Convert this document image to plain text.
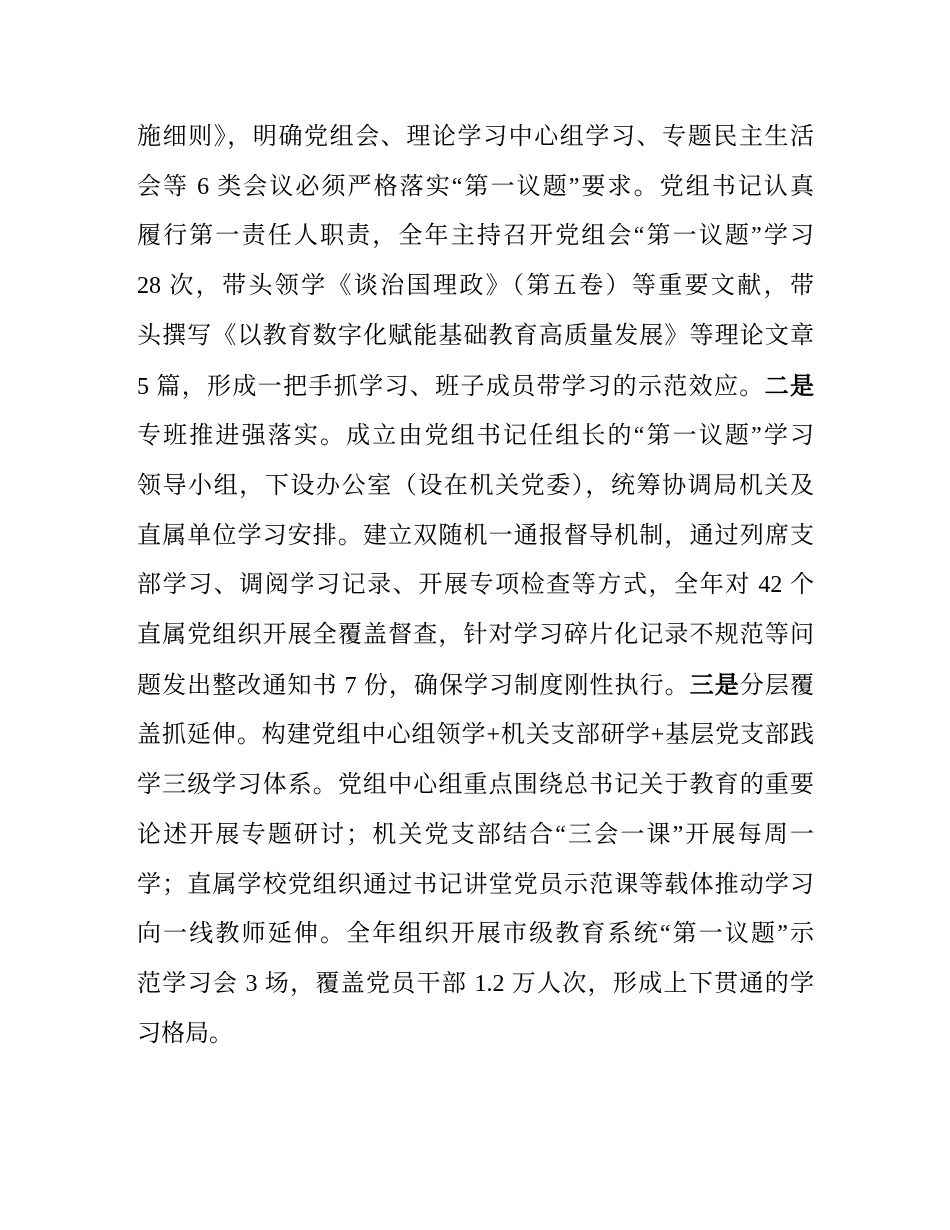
施细则》，明确党组会、理论学习中心组学习、专题民主生活
会等 6 类会议必须严格落实“第一议题”要求。党组书记认真
履行第一责任人职责，全年主持召开党组会“第一议题”学习
28 次，带头领学《谈治国理政》（第五卷）等重要文献，带
头撰写《以教育数字化赋能基础教育高质量发展》等理论文章
5 篇，形成一把手抓学习、班子成员带学习的示范效应。二是
专班推进强落实。成立由党组书记任组长的“第一议题”学习
领导小组，下设办公室（设在机关党委），统筹协调局机关及
直属单位学习安排。建立双随机一通报督导机制，通过列席支
部学习、调阅学习记录、开展专项检查等方式，全年对 42 个
直属党组织开展全覆盖督查，针对学习碎片化记录不规范等问
题发出整改通知书 7 份，确保学习制度刚性执行。三是分层覆
盖抓延伸。构建党组中心组领学+机关支部研学+基层党支部践
学三级学习体系。党组中心组重点围绕总书记关于教育的重要
论述开展专题研讨；机关党支部结合“三会一课”开展每周一
学；直属学校党组织通过书记讲堂党员示范课等载体推动学习
向一线教师延伸。全年组织开展市级教育系统“第一议题”示
范学习会 3 场，覆盖党员干部 1.2 万人次，形成上下贯通的学
习格局。
